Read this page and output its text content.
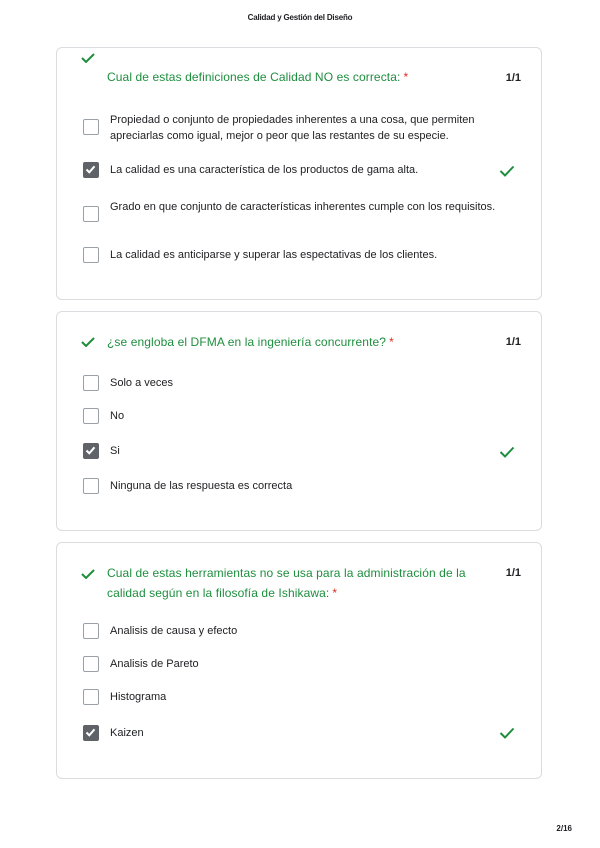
Calidad y Gestión del Diseño
Cual de estas definiciones de Calidad NO es correcta: *	1/1
Propiedad o conjunto de propiedades inherentes a una cosa, que permiten apreciarlas como igual, mejor o peor que las restantes de su especie.
La calidad es una característica de los productos de gama alta.
Grado en que conjunto de características inherentes cumple con los requisitos.
La calidad es anticiparse y superar las espectativas de los clientes.
¿se engloba el DFMA en la ingeniería concurrente? *	1/1
Solo a veces
No
Si
Ninguna de las respuesta es correcta
Cual de estas herramientas no se usa para la administración de la calidad según en la filosofía de Ishikawa: *
1/1
Analisis de causa y efecto
Analisis de Pareto
Histograma
Kaizen
2/16
